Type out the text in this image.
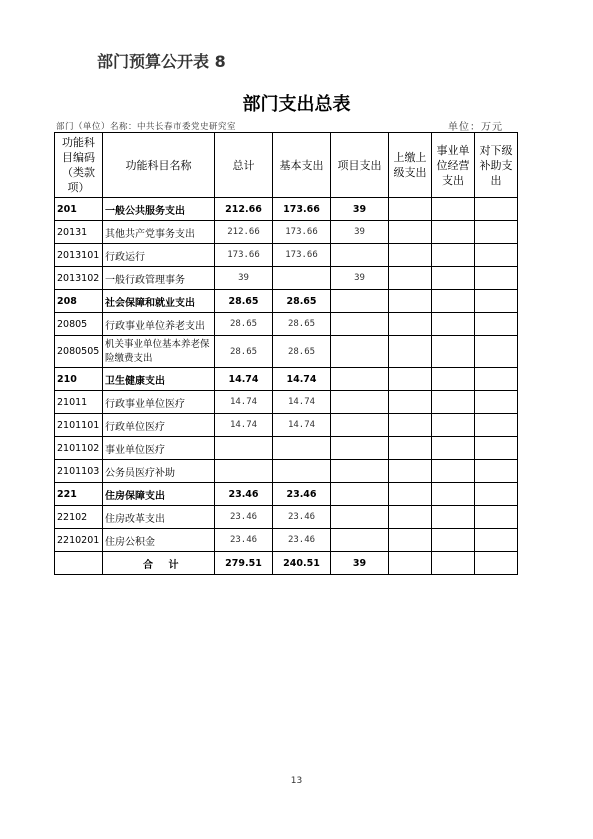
部门预算公开表 8
部门支出总表
部门（单位）名称：中共长春市委党史研究室	单位：万元
功能科目编码（类款项）	功能科目名称	总计	基本支出	项目支出	上缴上级支出	事业单位经营支出	对下级补助支出
201	一般公共服务支出	212.66	173.66	39			
20131	其他共产党事务支出	212.66	173.66	39			
2013101	行政运行	173.66	173.66				
2013102	一般行政管理事务	39		39			
208	社会保障和就业支出	28.65	28.65				
20805	行政事业单位养老支出	28.65	28.65				
2080505	机关事业单位基本养老保险缴费支出	28.65	28.65				
210	卫生健康支出	14.74	14.74				
21011	行政事业单位医疗	14.74	14.74				
2101101	行政单位医疗	14.74	14.74				
2101102	事业单位医疗						
2101103	公务员医疗补助						
221	住房保障支出	23.46	23.46				
22102	住房改革支出	23.46	23.46				
2210201	住房公积金	23.46	23.46				
	合 计	279.51	240.51	39			
13
